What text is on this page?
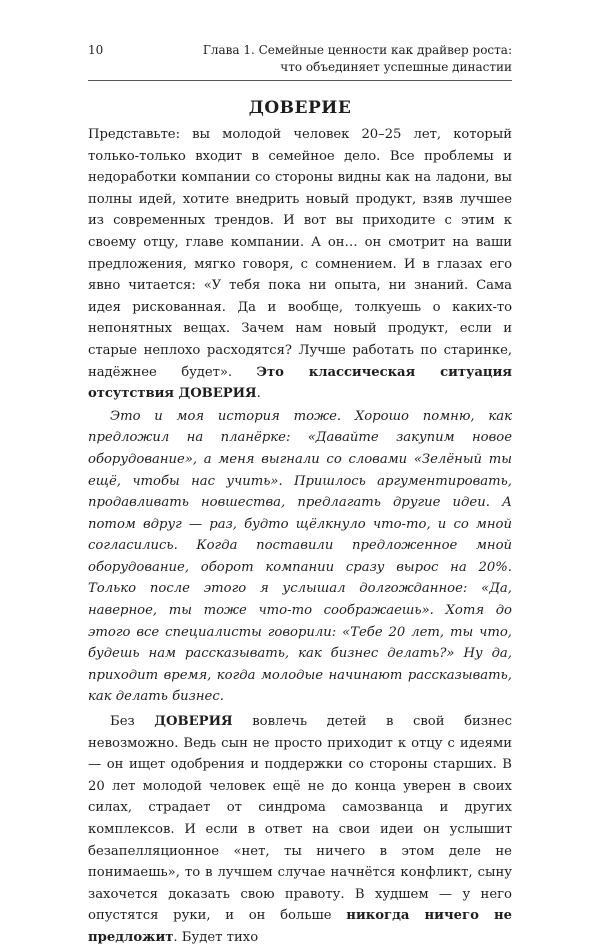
10	Глава 1. Семейные ценности как драйвер роста: что объединяет успешные династии
ДОВЕРИЕ

Представьте: вы молодой человек 20–25 лет, который только-только входит в семейное дело. Все проблемы и недоработки компании со стороны видны как на ладони, вы полны идей, хотите внедрить новый продукт, взяв лучшее из современных трендов. И вот вы приходите с этим к своему отцу, главе компании. А он… он смотрит на ваши предложения, мягко говоря, с сомнением. И в глазах его явно читается: «У тебя пока ни опыта, ни знаний. Сама идея рискованная. Да и вообще, толкуешь о каких-то непонятных вещах. Зачем нам новый продукт, если и старые неплохо расходятся? Лучше работать по старинке, надёжнее будет». Это классическая ситуация отсутствия ДОВЕРИЯ.

Это и моя история тоже. Хорошо помню, как предложил на планёрке: «Давайте закупим новое оборудование», а меня выгнали со словами «Зелёный ты ещё, чтобы нас учить». Пришлось аргументировать, продавливать новшества, предлагать другие идеи. А потом вдруг — раз, будто щёлкнуло что-то, и со мной согласились. Когда поставили предложенное мной оборудование, оборот компании сразу вырос на 20%. Только после этого я услышал долгожданное: «Да, наверное, ты тоже что-то соображаешь». Хотя до этого все специалисты говорили: «Тебе 20 лет, ты что, будешь нам рассказывать, как бизнес делать?» Ну да, приходит время, когда молодые начинают рассказывать, как делать бизнес.

Без ДОВЕРИЯ вовлечь детей в свой бизнес невозможно. Ведь сын не просто приходит к отцу с идеями — он ищет одобрения и поддержки со стороны старших. В 20 лет молодой человек ещё не до конца уверен в своих силах, страдает от синдрома самозванца и других комплексов. И если в ответ на свои идеи он услышит безапелляционное «нет, ты ничего в этом деле не понимаешь», то в лучшем случае начнётся конфликт, сыну захочется доказать свою правоту. В худшем — у него опустятся руки, и он больше никогда ничего не предложит. Будет тихо
